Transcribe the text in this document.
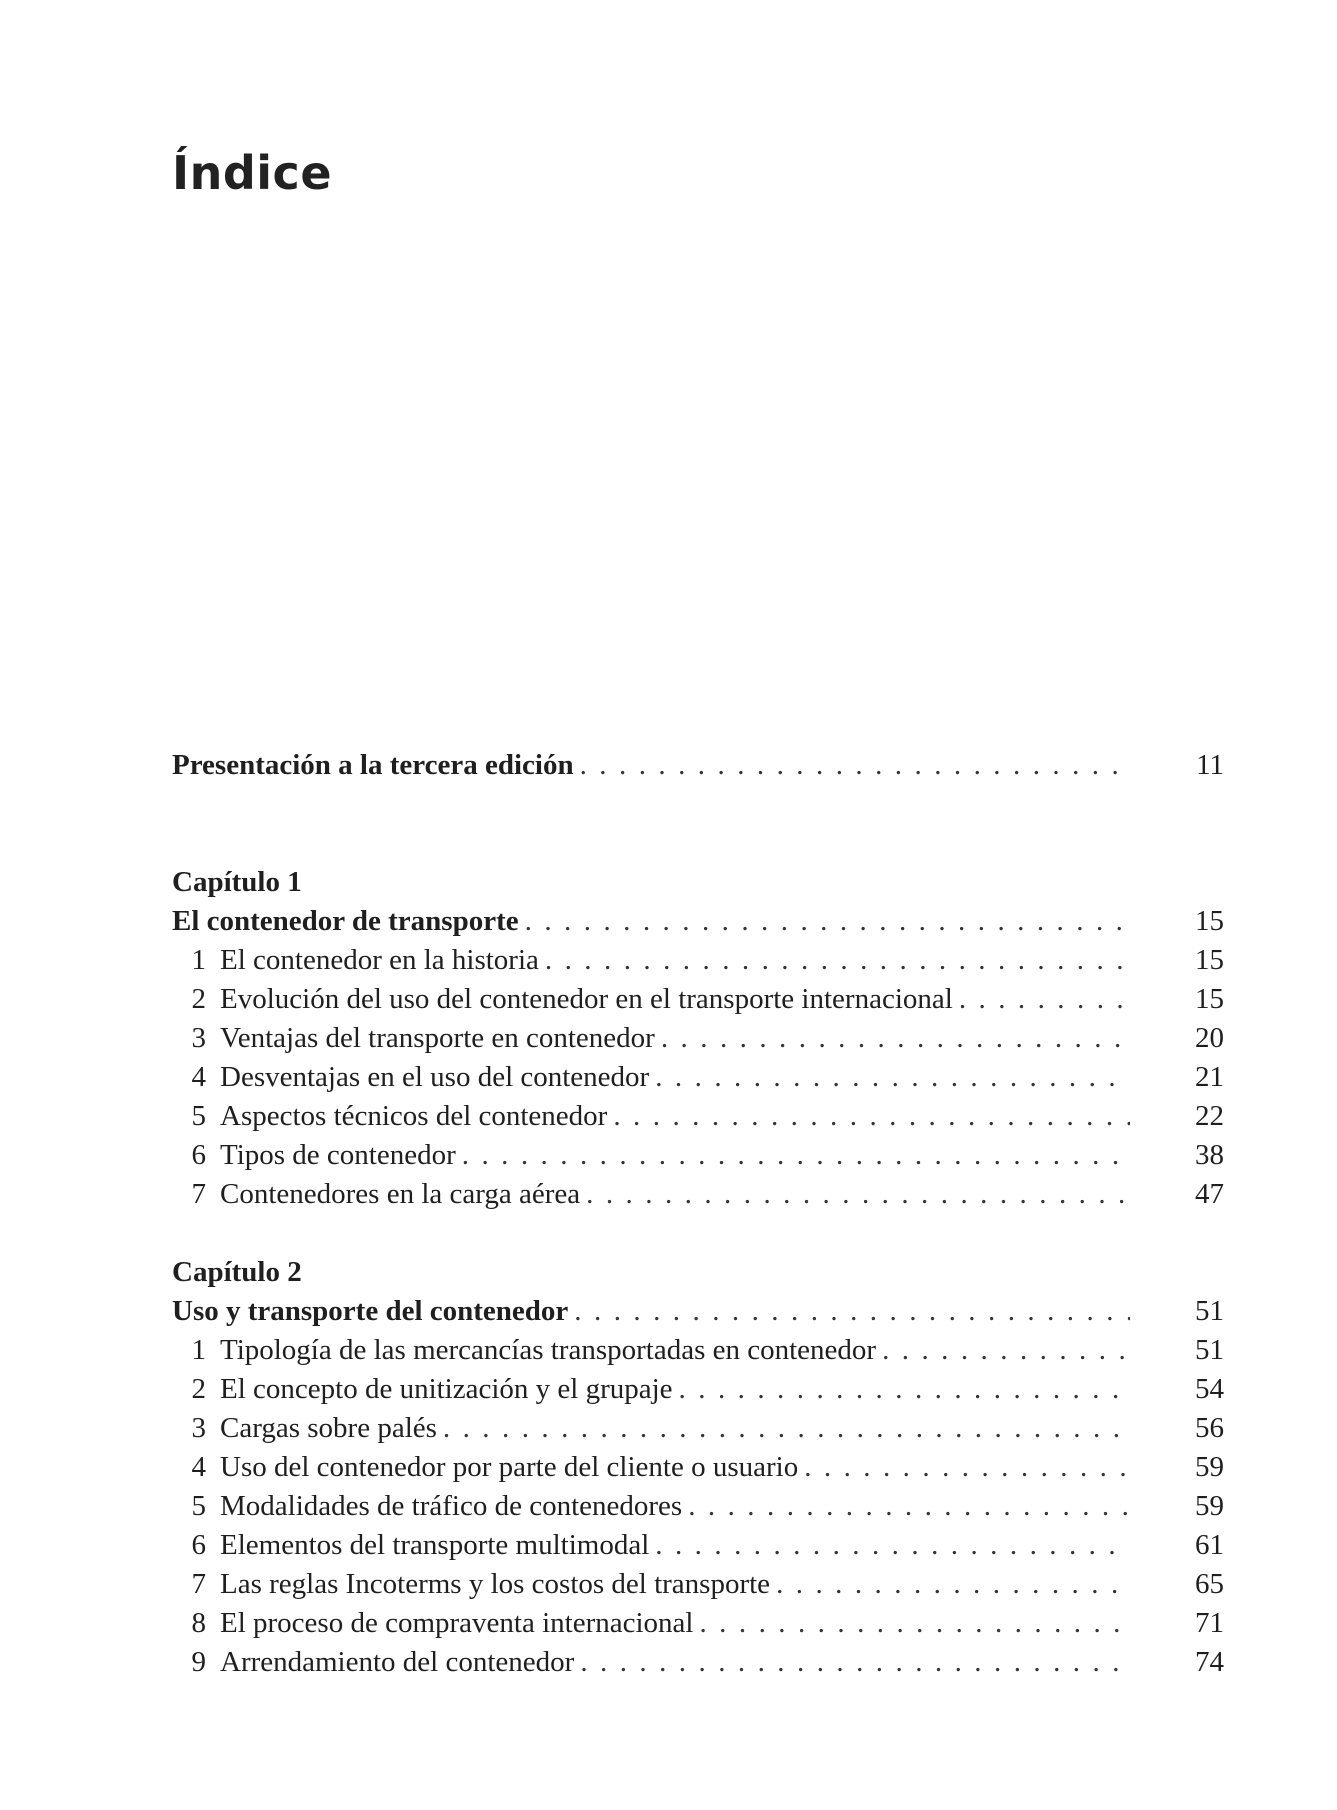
Índice
Presentación a la tercera edición . . .	11
Capítulo 1
El contenedor de transporte . . .	15
1 El contenedor en la historia . . .	15
2 Evolución del uso del contenedor en el transporte internacional . . .	15
3 Ventajas del transporte en contenedor . . .	20
4 Desventajas en el uso del contenedor . . .	21
5 Aspectos técnicos del contenedor . . .	22
6 Tipos de contenedor . . .	38
7 Contenedores en la carga aérea . . .	47
Capítulo 2
Uso y transporte del contenedor . . .	51
1 Tipología de las mercancías transportadas en contenedor . . .	51
2 El concepto de unitización y el grupaje . . .	54
3 Cargas sobre palés . . .	56
4 Uso del contenedor por parte del cliente o usuario . . .	59
5 Modalidades de tráfico de contenedores . . .	59
6 Elementos del transporte multimodal . . .	61
7 Las reglas Incoterms y los costos del transporte . . .	65
8 El proceso de compraventa internacional . . .	71
9 Arrendamiento del contenedor . . .	74
